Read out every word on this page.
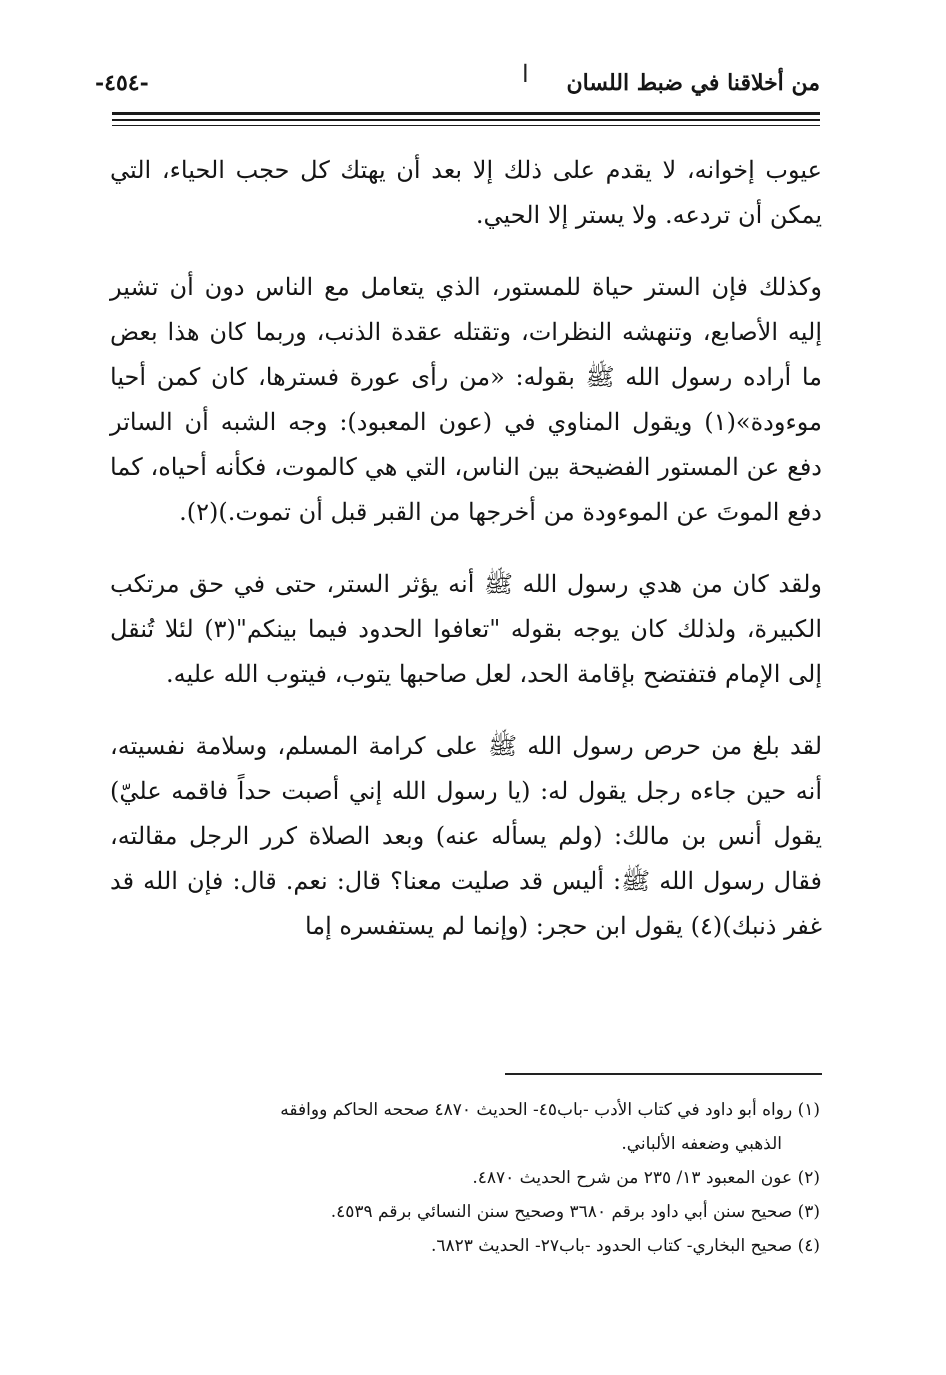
من أخلاقنا في ضبط اللسان
-٤٥٤-	ا

عيوب إخوانه، لا يقدم على ذلك إلا بعد أن يهتك كل حجب الحياء، التي يمكن أن تردعه. ولا يستر إلا الحيي.

وكذلك فإن الستر حياة للمستور، الذي يتعامل مع الناس دون أن تشير إليه الأصابع، وتنهشه النظرات، وتقتله عقدة الذنب، وربما كان هذا بعض ما أراده رسول الله ﷺ بقوله: «من رأى عورة فسترها، كان كمن أحيا موءودة»(١) ويقول المناوي في (عون المعبود): وجه الشبه أن الساتر دفع عن المستور الفضيحة بين الناس، التي هي كالموت، فكأنه أحياه، كما دفع الموتَ عن الموءودة من أخرجها من القبر قبل أن تموت.)(٢).

ولقد كان من هدي رسول الله ﷺ أنه يؤثر الستر، حتى في حق مرتكب الكبيرة، ولذلك كان يوجه بقوله "تعافوا الحدود فيما بينكم"(٣) لئلا تُنقل إلى الإمام فتفتضح بإقامة الحد، لعل صاحبها يتوب، فيتوب الله عليه.

لقد بلغ من حرص رسول الله ﷺ على كرامة المسلم، وسلامة نفسيته، أنه حين جاءه رجل يقول له: (يا رسول الله إني أصبت حداً فاقمه عليّ) يقول أنس بن مالك: (ولم يسأله عنه) وبعد الصلاة كرر الرجل مقالته، فقال رسول الله ﷺ: أليس قد صليت معنا؟ قال: نعم. قال: فإن الله قد غفر ذنبك)(٤) يقول ابن حجر: (وإنما لم يستفسره إما

(١) رواه أبو داود في كتاب الأدب -باب٤٥- الحديث ٤٨٧٠ صححه الحاكم ووافقه

الذهبي وضعفه الألباني.

(٢) عون المعبود ١٣/ ٢٣٥ من شرح الحديث ٤٨٧٠.

(٣) صحيح سنن أبي داود برقم ٣٦٨٠ وصحيح سنن النسائي برقم ٤٥٣٩.

(٤) صحيح البخاري- كتاب الحدود -باب٢٧- الحديث ٦٨٢٣.
